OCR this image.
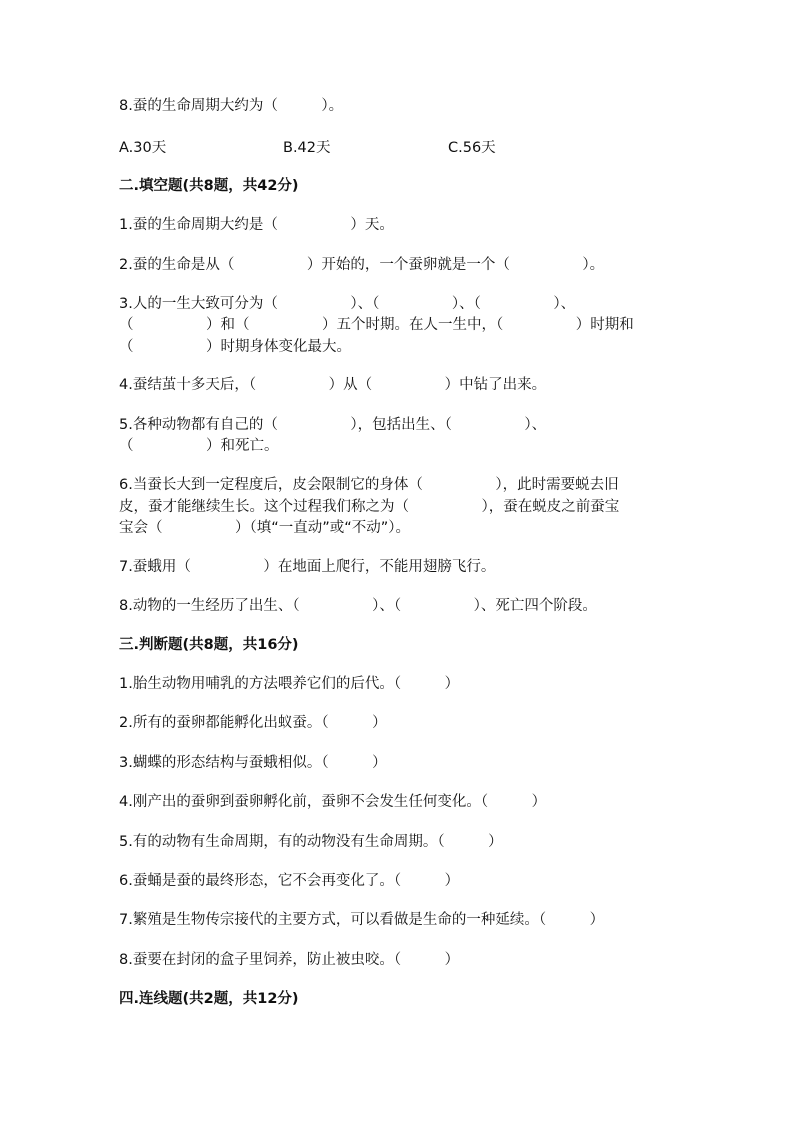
8.蚕的生命周期大约为（　　　）。

A.30天	B.42天	C.56天

二.填空题(共8题，共42分)

1.蚕的生命周期大约是（　　　　　）天。

2.蚕的生命是从（　　　　　）开始的，一个蚕卵就是一个（　　　　　）。

3.人的一生大致可分为（　　　　　）、（　　　　　）、（　　　　　）、

（　　　　　）和（　　　　　）五个时期。在人一生中，（　　　　　）时期和

（　　　　　）时期身体变化最大。

4.蚕结茧十多天后，（　　　　　）从（　　　　　）中钻了出来。

5.各种动物都有自己的（　　　　　），包括出生、（　　　　　）、

（　　　　　）和死亡。

6.当蚕长大到一定程度后，皮会限制它的身体（　　　　　），此时需要蜕去旧

皮，蚕才能继续生长。这个过程我们称之为（　　　　　），蚕在蜕皮之前蚕宝

宝会（　　　　　）（填“一直动”或“不动”）。

7.蚕蛾用（　　　　　）在地面上爬行，不能用翅膀飞行。

8.动物的一生经历了出生、（　　　　　）、（　　　　　）、死亡四个阶段。

三.判断题(共8题，共16分)

1.胎生动物用哺乳的方法喂养它们的后代。（　　　）

2.所有的蚕卵都能孵化出蚁蚕。（　　　）

3.蝴蝶的形态结构与蚕蛾相似。（　　　）

4.刚产出的蚕卵到蚕卵孵化前，蚕卵不会发生任何变化。（　　　）

5.有的动物有生命周期，有的动物没有生命周期。（　　　）

6.蚕蛹是蚕的最终形态，它不会再变化了。（　　　）

7.繁殖是生物传宗接代的主要方式，可以看做是生命的一种延续。（　　　）

8.蚕要在封闭的盒子里饲养，防止被虫咬。（　　　）

四.连线题(共2题，共12分)
